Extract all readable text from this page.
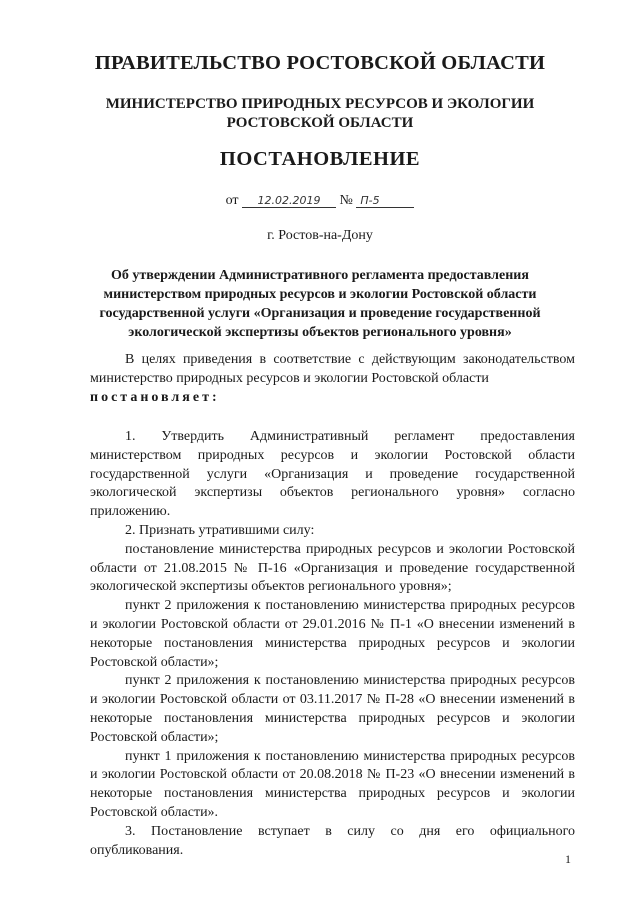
ПРАВИТЕЛЬСТВО РОСТОВСКОЙ ОБЛАСТИ
МИНИСТЕРСТВО ПРИРОДНЫХ РЕСУРСОВ И ЭКОЛОГИИ
РОСТОВСКОЙ ОБЛАСТИ
ПОСТАНОВЛЕНИЕ
от 12.02.2019 № П-5
г. Ростов-на-Дону
Об утверждении Административного регламента предоставления
министерством природных ресурсов и экологии Ростовской области
государственной услуги «Организация и проведение государственной
экологической экспертизы объектов регионального уровня»

В целях приведения в соответствие с действующим законодательством министерство природных ресурсов и экологии Ростовской области

постановляет:

1. Утвердить Административный регламент предоставления министерством природных ресурсов и экологии Ростовской области государственной услуги «Организация и проведение государственной экологической экспертизы объектов регионального уровня» согласно приложению.

2. Признать утратившими силу:

постановление министерства природных ресурсов и экологии Ростовской области от 21.08.2015 № П-16 «Организация и проведение государственной экологической экспертизы объектов регионального уровня»;

пункт 2 приложения к постановлению министерства природных ресурсов и экологии Ростовской области от 29.01.2016 № П-1 «О внесении изменений в некоторые постановления министерства природных ресурсов и экологии Ростовской области»;

пункт 2 приложения к постановлению министерства природных ресурсов и экологии Ростовской области от 03.11.2017 № П-28 «О внесении изменений в некоторые постановления министерства природных ресурсов и экологии Ростовской области»;

пункт 1 приложения к постановлению министерства природных ресурсов и экологии Ростовской области от 20.08.2018 № П-23 «О внесении изменений в некоторые постановления министерства природных ресурсов и экологии Ростовской области».

3. Постановление вступает в силу со дня его официального опубликования.

1
